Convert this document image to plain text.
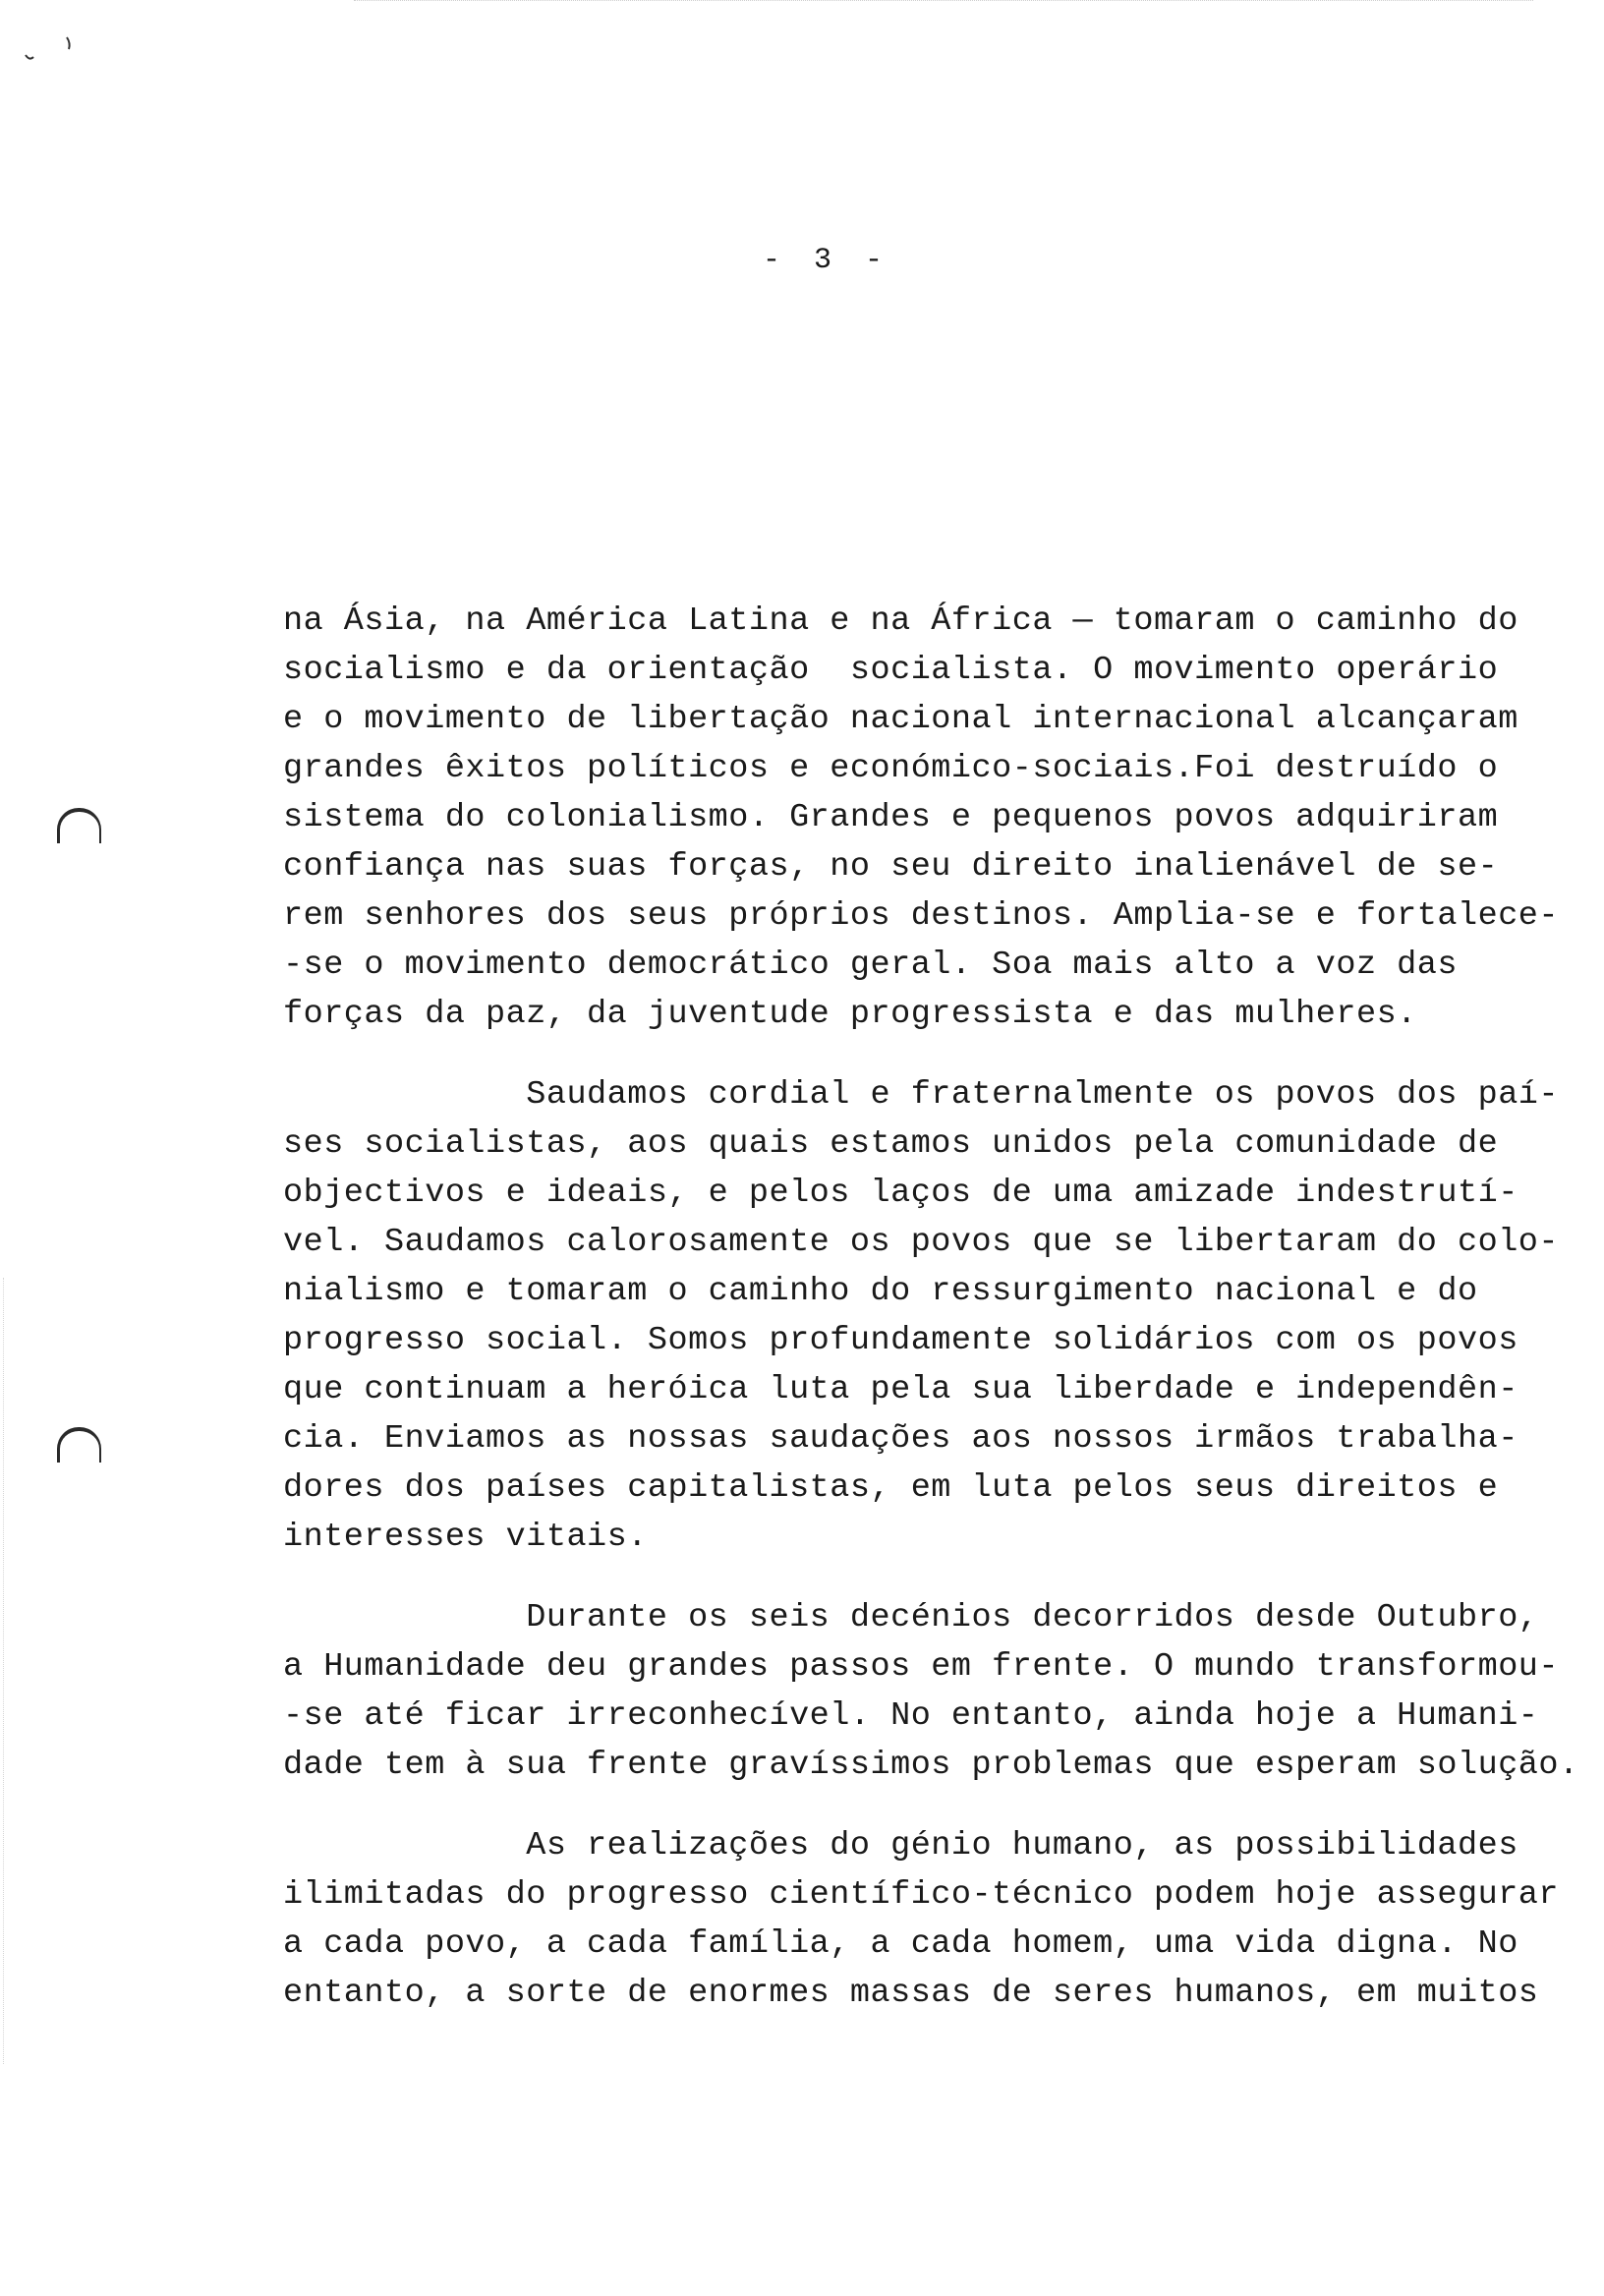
- 3 -
na Ásia, na América Latina e na África — tomaram o caminho do
socialismo e da orientação  socialista. O movimento operário
e o movimento de libertação nacional internacional alcançaram
grandes êxitos políticos e económico-sociais.Foi destruído o
sistema do colonialismo. Grandes e pequenos povos adquiriram
confiança nas suas forças, no seu direito inalienável de se-
rem senhores dos seus próprios destinos. Amplia-se e fortalece-
-se o movimento democrático geral. Soa mais alto a voz das
forças da paz, da juventude progressista e das mulheres.
Saudamos cordial e fraternalmente os povos dos paí-
ses socialistas, aos quais estamos unidos pela comunidade de
objectivos e ideais, e pelos laços de uma amizade indestrutí-
vel. Saudamos calorosamente os povos que se libertaram do colo-
nialismo e tomaram o caminho do ressurgimento nacional e do
progresso social. Somos profundamente solidários com os povos
que continuam a heróica luta pela sua liberdade e independên-
cia. Enviamos as nossas saudações aos nossos irmãos trabalha-
dores dos países capitalistas, em luta pelos seus direitos e
interesses vitais.
Durante os seis decénios decorridos desde Outubro,
a Humanidade deu grandes passos em frente. O mundo transformou-
-se até ficar irreconhecível. No entanto, ainda hoje a Humani-
dade tem à sua frente gravíssimos problemas que esperam solução.
As realizações do génio humano, as possibilidades
ilimitadas do progresso científico-técnico podem hoje assegurar
a cada povo, a cada família, a cada homem, uma vida digna. No
entanto, a sorte de enormes massas de seres humanos, em muitos
